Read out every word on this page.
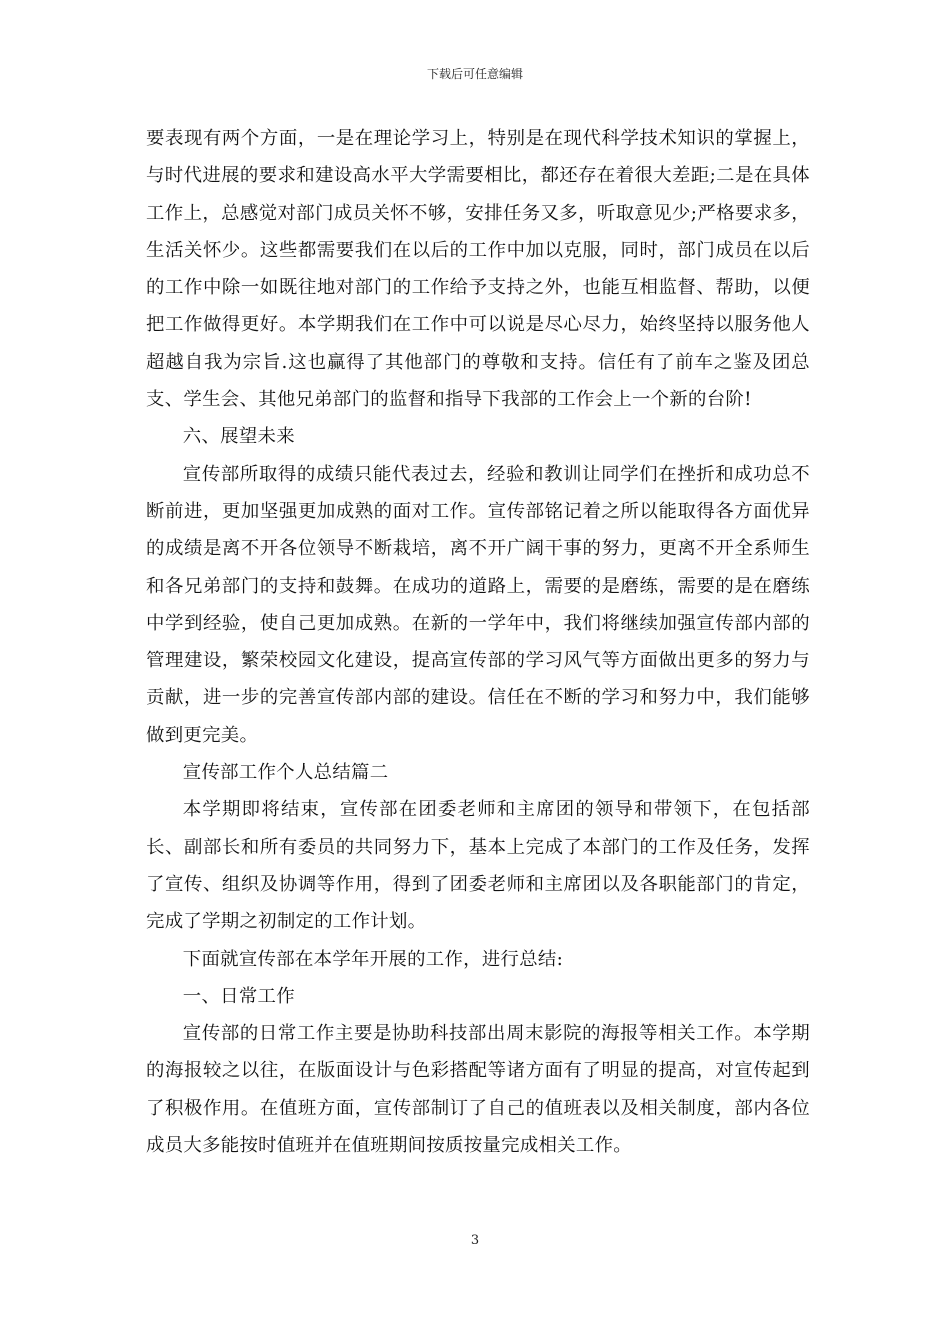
下载后可任意编辑

要表现有两个方面，一是在理论学习上，特别是在现代科学技术知识的掌握上，与时代进展的要求和建设高水平大学需要相比，都还存在着很大差距;二是在具体工作上，总感觉对部门成员关怀不够，安排任务又多，听取意见少;严格要求多，生活关怀少。这些都需要我们在以后的工作中加以克服，同时，部门成员在以后的工作中除一如既往地对部门的工作给予支持之外，也能互相监督、帮助，以便把工作做得更好。本学期我们在工作中可以说是尽心尽力，始终坚持以服务他人超越自我为宗旨.这也赢得了其他部门的尊敬和支持。信任有了前车之鉴及团总支、学生会、其他兄弟部门的监督和指导下我部的工作会上一个新的台阶!

六、展望未来

宣传部所取得的成绩只能代表过去，经验和教训让同学们在挫折和成功总不断前进，更加坚强更加成熟的面对工作。宣传部铭记着之所以能取得各方面优异的成绩是离不开各位领导不断栽培，离不开广阔干事的努力，更离不开全系师生和各兄弟部门的支持和鼓舞。在成功的道路上，需要的是磨练，需要的是在磨练中学到经验，使自己更加成熟。在新的一学年中，我们将继续加强宣传部内部的管理建设，繁荣校园文化建设，提高宣传部的学习风气等方面做出更多的努力与贡献，进一步的完善宣传部内部的建设。信任在不断的学习和努力中，我们能够做到更完美。

宣传部工作个人总结篇二

本学期即将结束，宣传部在团委老师和主席团的领导和带领下，在包括部长、副部长和所有委员的共同努力下，基本上完成了本部门的工作及任务，发挥了宣传、组织及协调等作用，得到了团委老师和主席团以及各职能部门的肯定，完成了学期之初制定的工作计划。

下面就宣传部在本学年开展的工作，进行总结:

一、日常工作

宣传部的日常工作主要是协助科技部出周末影院的海报等相关工作。本学期的海报较之以往，在版面设计与色彩搭配等诸方面有了明显的提高，对宣传起到了积极作用。在值班方面，宣传部制订了自己的值班表以及相关制度，部内各位成员大多能按时值班并在值班期间按质按量完成相关工作。

3
